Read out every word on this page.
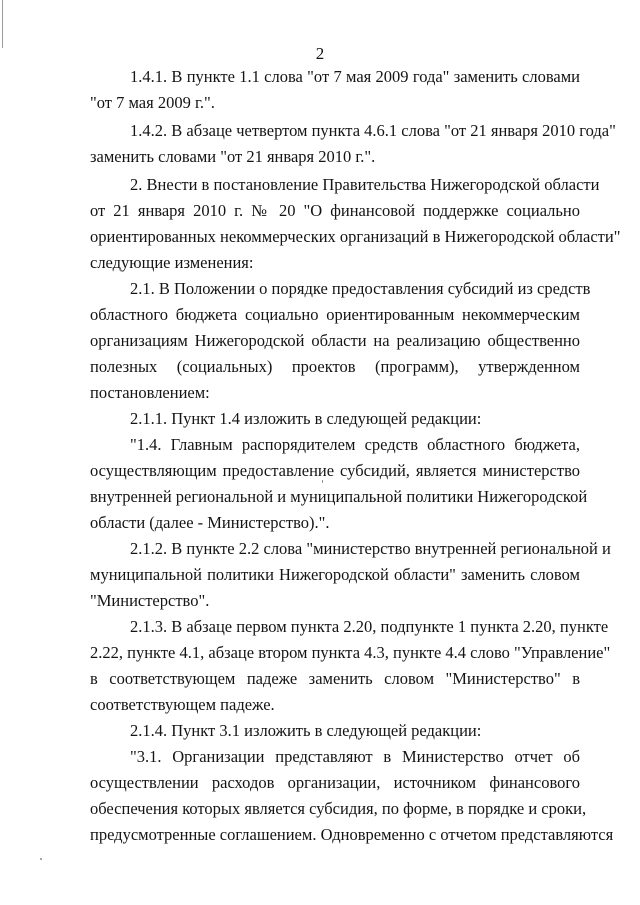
2
1.4.1. В пункте 1.1 слова "от 7 мая 2009 года" заменить словами
"от 7 мая 2009 г.".
1.4.2. В абзаце четвертом пункта 4.6.1 слова "от 21 января 2010 года"
заменить словами "от 21 января 2010 г.".
2. Внести в постановление Правительства Нижегородской области
от 21 января 2010 г. № 20 "О финансовой поддержке социально
ориентированных некоммерческих организаций в Нижегородской области"
следующие изменения:
2.1. В Положении о порядке предоставления субсидий из средств
областного бюджета социально ориентированным некоммерческим
организациям Нижегородской области на реализацию общественно
полезных (социальных) проектов (программ), утвержденном
постановлением:
2.1.1. Пункт 1.4 изложить в следующей редакции:
"1.4. Главным распорядителем средств областного бюджета,
осуществляющим предоставление субсидий, является министерство
внутренней региональной и муниципальной политики Нижегородской
области (далее - Министерство).".
2.1.2. В пункте 2.2 слова "министерство внутренней региональной и
муниципальной политики Нижегородской области" заменить словом
"Министерство".
2.1.3. В абзаце первом пункта 2.20, подпункте 1 пункта 2.20, пункте
2.22, пункте 4.1, абзаце втором пункта 4.3, пункте 4.4 слово "Управление"
в соответствующем падеже заменить словом "Министерство" в
соответствующем падеже.
2.1.4. Пункт 3.1 изложить в следующей редакции:
"3.1. Организации представляют в Министерство отчет об
осуществлении расходов организации, источником финансового
обеспечения которых является субсидия, по форме, в порядке и сроки,
предусмотренные соглашением. Одновременно с отчетом представляются
